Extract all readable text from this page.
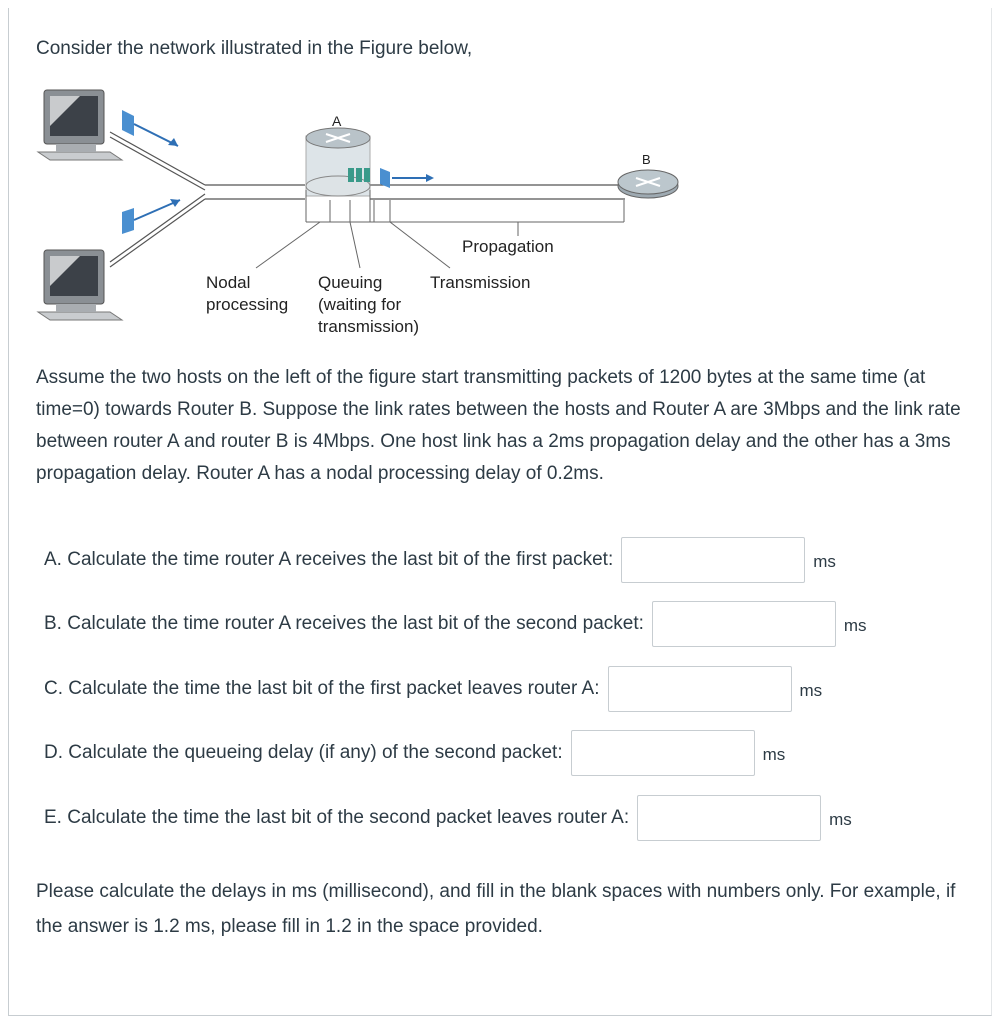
Consider the network illustrated in the Figure below,
A
B
Propagation
Transmission
Nodal
processing
Queuing
(waiting for
transmission)
Assume the two hosts on the left of the figure start transmitting packets of 1200 bytes at the same time (at time=0) towards Router B. Suppose the link rates between the hosts and Router A are 3Mbps and the link rate between router A and router B is 4Mbps. One host link has a 2ms propagation delay and the other has a 3ms propagation delay. Router A has a nodal processing delay of 0.2ms.
A. Calculate the time router A receives the last bit of the first packet:	ms
B. Calculate the time router A receives the last bit of the second packet:	ms
C. Calculate the time the last bit of the first packet leaves router A:	ms
D. Calculate the queueing delay (if any) of the second packet:	ms
E. Calculate the time the last bit of the second packet leaves router A:	ms
Please calculate the delays in ms (millisecond), and fill in the blank spaces with numbers only. For example, if the answer is 1.2 ms, please fill in 1.2 in the space provided.
